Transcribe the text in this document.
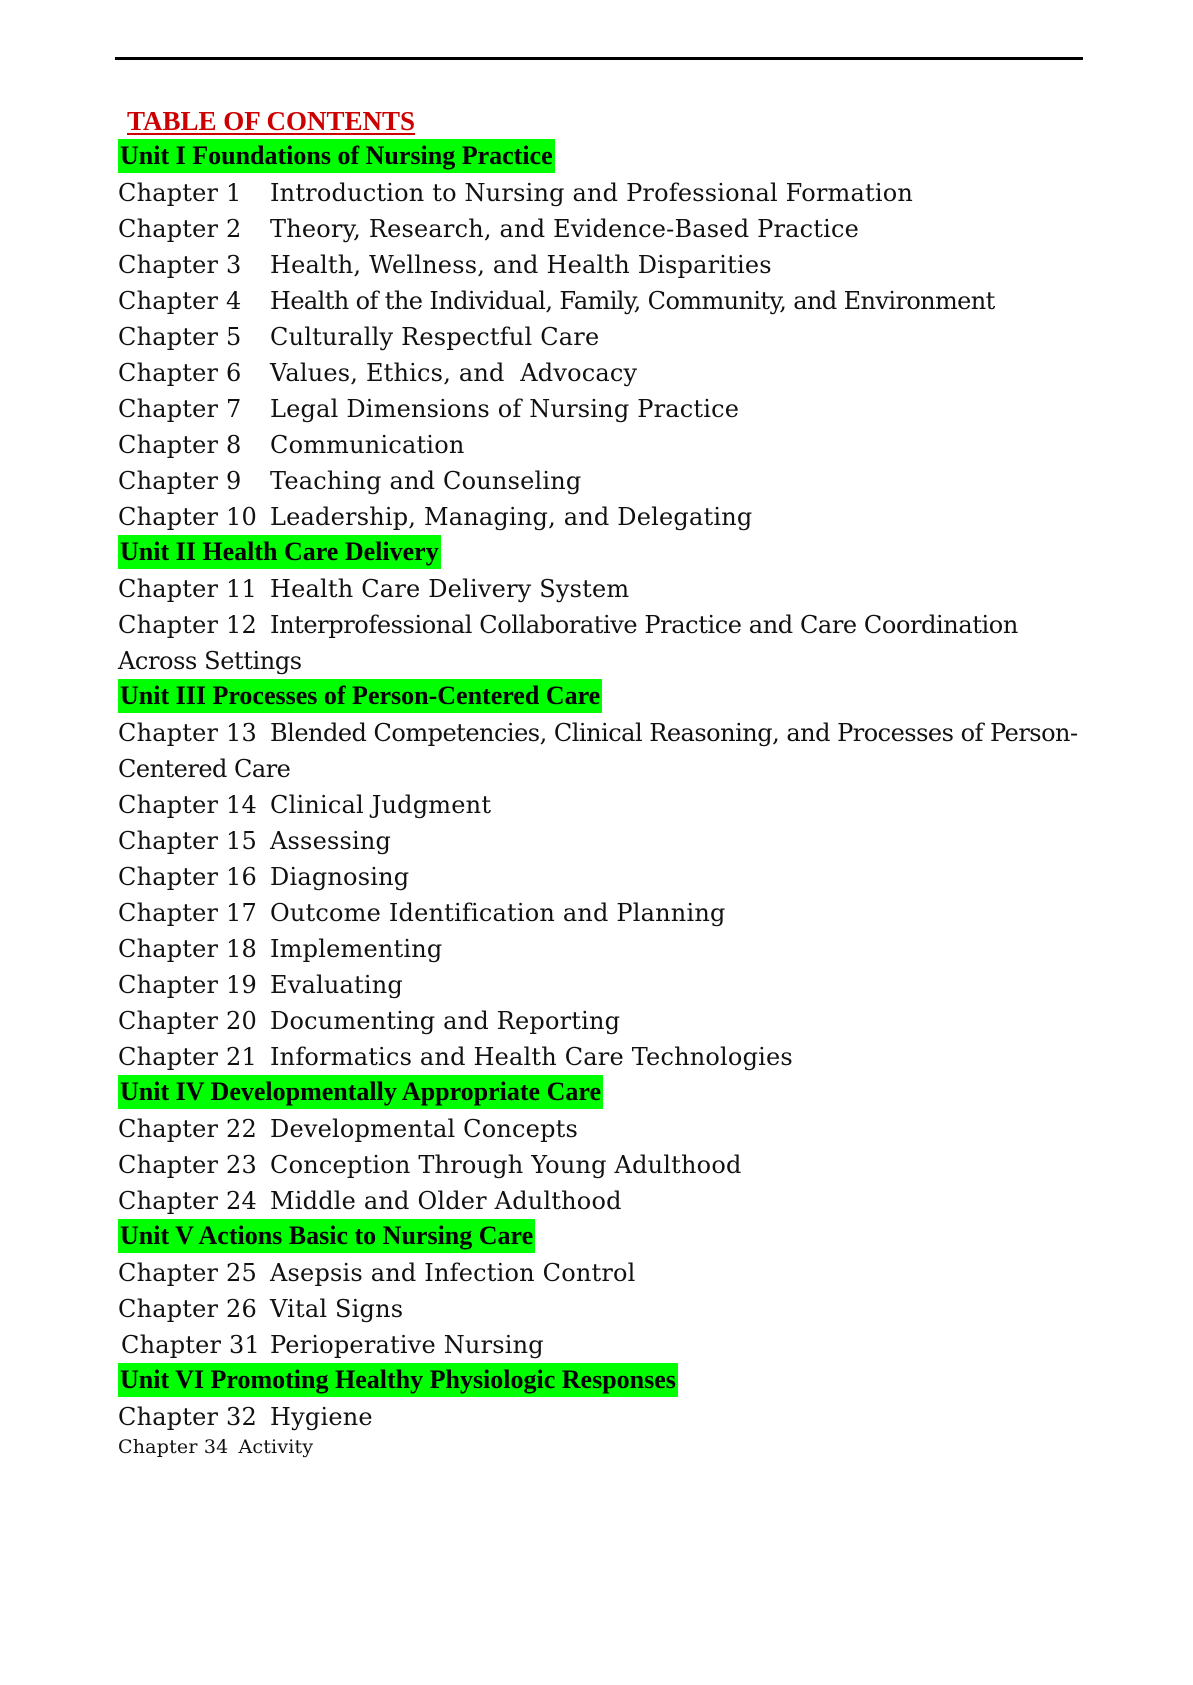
TABLE OF CONTENTS
Unit I Foundations of Nursing Practice
Chapter 1	Introduction to Nursing and Professional Formation
Chapter 2	Theory, Research, and Evidence-Based Practice
Chapter 3	Health, Wellness, and Health Disparities
Chapter 4	Health of the Individual, Family, Community, and Environment
Chapter 5	Culturally Respectful Care
Chapter 6	Values, Ethics, and  Advocacy
Chapter 7	Legal Dimensions of Nursing Practice
Chapter 8	Communication
Chapter 9	Teaching and Counseling
Chapter 10 Leadership, Managing, and Delegating
Unit II Health Care Delivery
Chapter 11 Health Care Delivery System
Chapter 12 Interprofessional Collaborative Practice and Care Coordination Across Settings
Unit III Processes of Person-Centered Care
Chapter 13 Blended Competencies, Clinical Reasoning, and Processes of Person-Centered Care
Chapter 14 Clinical Judgment
Chapter 15 Assessing
Chapter 16 Diagnosing
Chapter 17 Outcome Identification and Planning
Chapter 18 Implementing
Chapter 19 Evaluating
Chapter 20 Documenting and Reporting
Chapter 21 Informatics and Health Care Technologies
Unit IV Developmentally Appropriate Care
Chapter 22 Developmental Concepts
Chapter 23 Conception Through Young Adulthood
Chapter 24 Middle and Older Adulthood
Unit V Actions Basic to Nursing Care
Chapter 25 Asepsis and Infection Control
Chapter 26 Vital Signs
Chapter 31 Perioperative Nursing
Unit VI Promoting Healthy Physiologic Responses
Chapter 32 Hygiene
Chapter 34 Activity
